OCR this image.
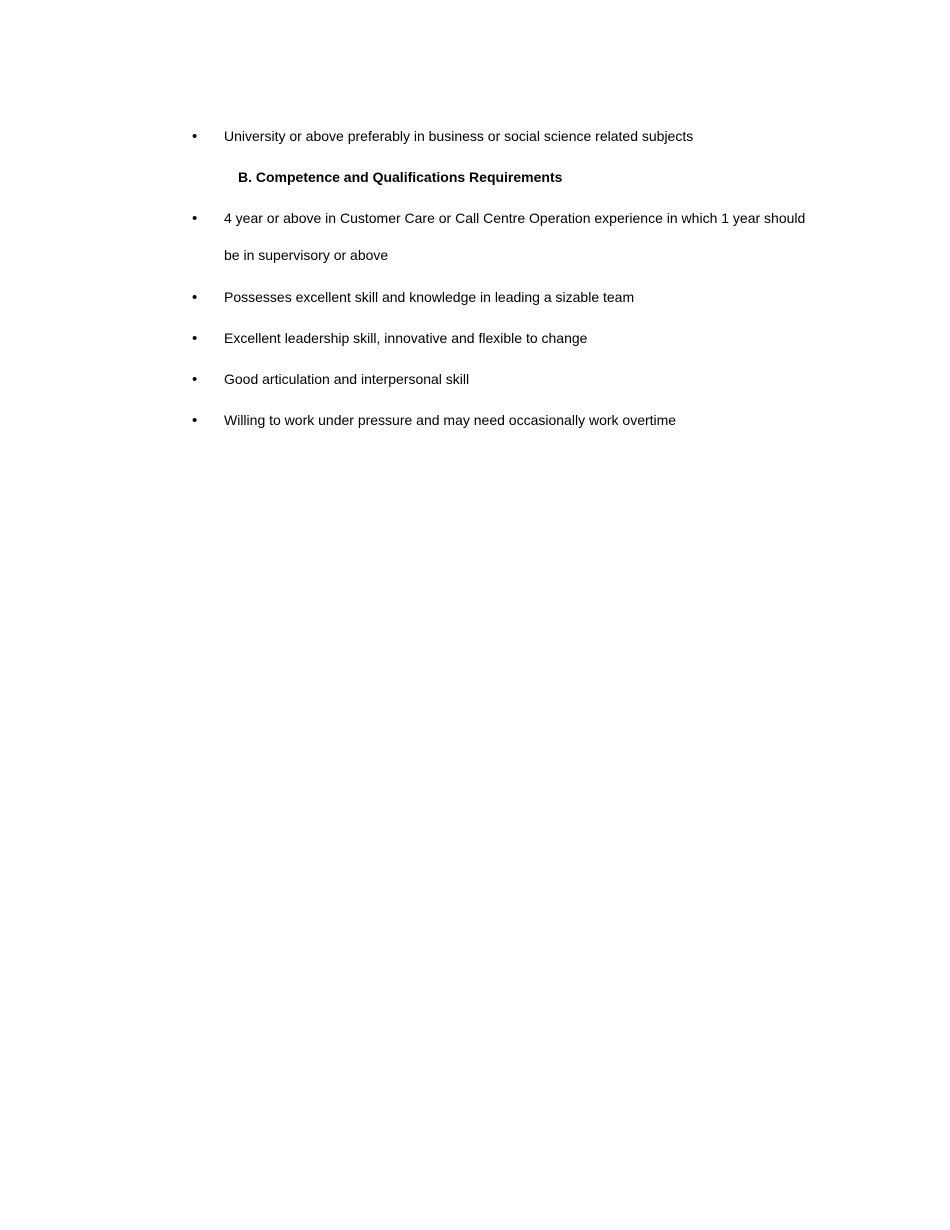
•	University or above preferably in business or social science related subjects
B. Competence and Qualifications Requirements
•	4 year or above in Customer Care or Call Centre Operation experience in which 1 year should be in supervisory or above
•	Possesses excellent skill and knowledge in leading a sizable team
•	Excellent leadership skill, innovative and flexible to change
•	Good articulation and interpersonal skill
•	Willing to work under pressure and may need occasionally work overtime
